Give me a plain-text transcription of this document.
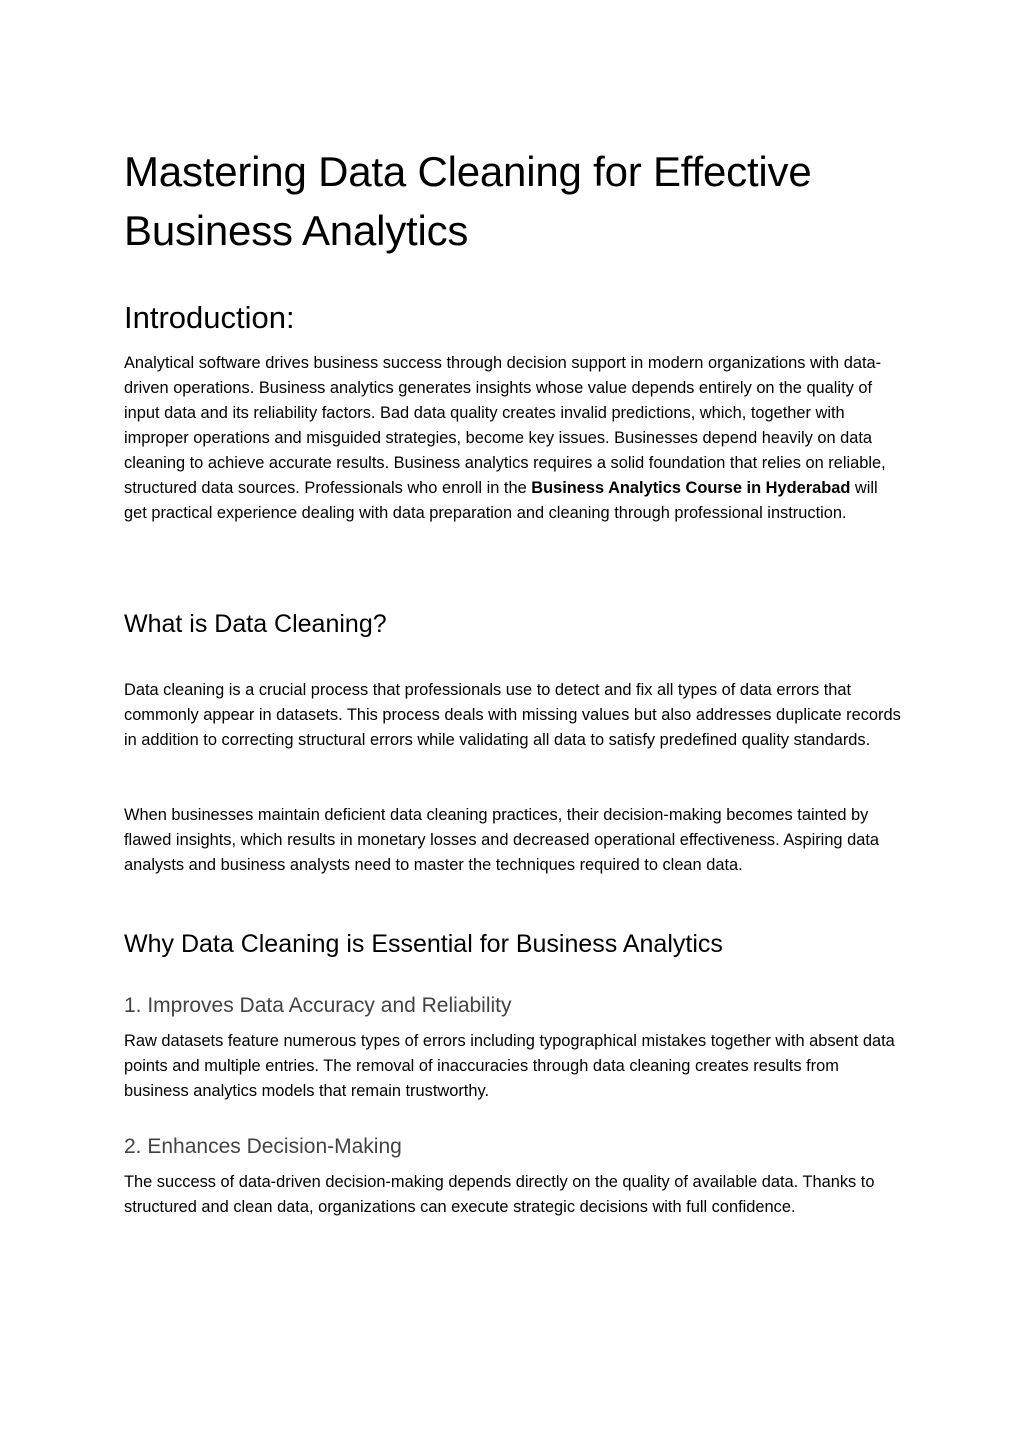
Mastering Data Cleaning for Effective Business Analytics
Introduction:

Analytical software drives business success through decision support in modern organizations with data-driven operations. Business analytics generates insights whose value depends entirely on the quality of input data and its reliability factors. Bad data quality creates invalid predictions, which, together with improper operations and misguided strategies, become key issues. Businesses depend heavily on data cleaning to achieve accurate results. Business analytics requires a solid foundation that relies on reliable, structured data sources. Professionals who enroll in the Business Analytics Course in Hyderabad will get practical experience dealing with data preparation and cleaning through professional instruction.

What is Data Cleaning?

Data cleaning is a crucial process that professionals use to detect and fix all types of data errors that commonly appear in datasets. This process deals with missing values but also addresses duplicate records in addition to correcting structural errors while validating all data to satisfy predefined quality standards.

When businesses maintain deficient data cleaning practices, their decision-making becomes tainted by flawed insights, which results in monetary losses and decreased operational effectiveness. Aspiring data analysts and business analysts need to master the techniques required to clean data.

Why Data Cleaning is Essential for Business Analytics
1. Improves Data Accuracy and Reliability

Raw datasets feature numerous types of errors including typographical mistakes together with absent data points and multiple entries. The removal of inaccuracies through data cleaning creates results from business analytics models that remain trustworthy.

2. Enhances Decision-Making

The success of data-driven decision-making depends directly on the quality of available data. Thanks to structured and clean data, organizations can execute strategic decisions with full confidence.
